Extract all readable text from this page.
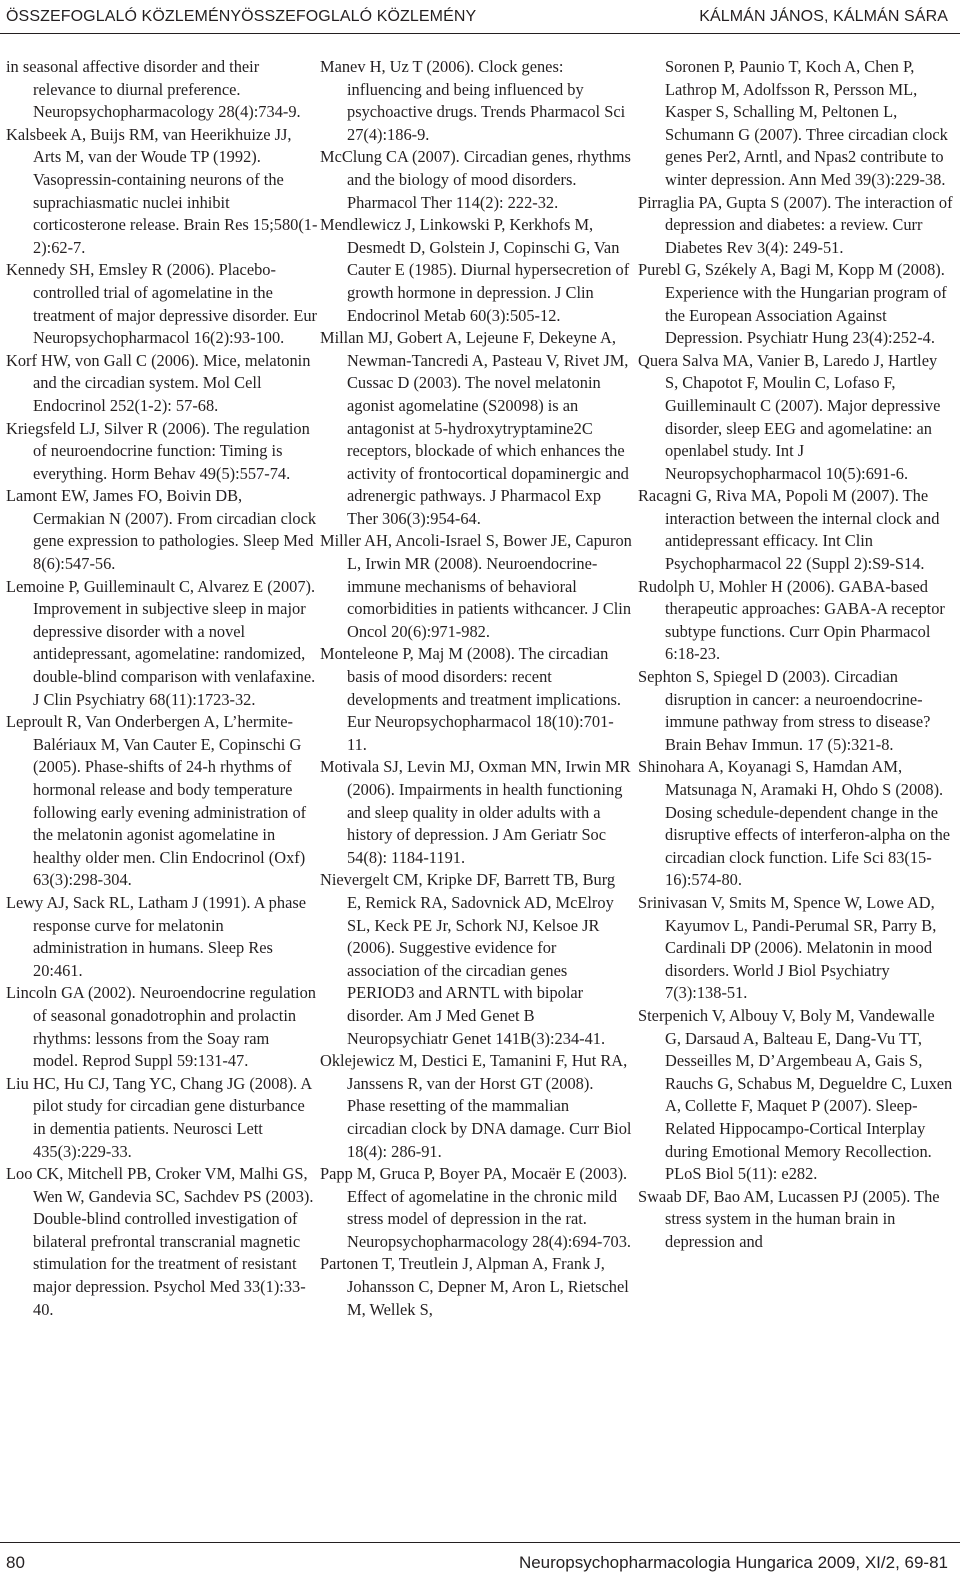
ÖSSZEFOGLALÓ KÖZLEMÉNYÖSSZEFOGLALÓ KÖZLEMÉNY	KÁLMÁN JÁNOS, KÁLMÁN SÁRA

in seasonal affective disorder and their relevance to diurnal preference. Neuropsychopharmacology 28(4):734-9.

Kalsbeek A, Buijs RM, van Heerikhuize JJ, Arts M, van der Woude TP (1992). Vasopressin-containing neurons of the suprachiasmatic nuclei inhibit corticosterone release. Brain Res 15;580(1-2):62-7.

Kennedy SH, Emsley R (2006). Placebo-controlled trial of agomelatine in the treatment of major depressive disorder. Eur Neuropsychopharmacol 16(2):93-100.

Korf HW, von Gall C (2006). Mice, melatonin and the circadian system. Mol Cell Endocrinol 252(1-2): 57-68.

Kriegsfeld LJ, Silver R (2006). The regulation of neuroendocrine function: Timing is everything. Horm Behav 49(5):557-74.

Lamont EW, James FO, Boivin DB, Cermakian N (2007). From circadian clock gene expression to pathologies. Sleep Med 8(6):547-56.

Lemoine P, Guilleminault C, Alvarez E (2007). Improvement in subjective sleep in major depressive disorder with a novel antidepressant, agomelatine: randomized, double-blind comparison with venlafaxine. J Clin Psychiatry 68(11):1723-32.

Leproult R, Van Onderbergen A, L’hermite-Balériaux M, Van Cauter E, Copinschi G (2005). Phase-shifts of 24-h rhythms of hormonal release and body temperature following early evening administration of the melatonin agonist agomelatine in healthy older men. Clin Endocrinol (Oxf) 63(3):298-304.

Lewy AJ, Sack RL, Latham J (1991). A phase response curve for melatonin administration in humans. Sleep Res 20:461.

Lincoln GA (2002). Neuroendocrine regulation of seasonal gonadotrophin and prolactin rhythms: lessons from the Soay ram model. Reprod Suppl 59:131-47.

Liu HC, Hu CJ, Tang YC, Chang JG (2008). A pilot study for circadian gene disturbance in dementia patients. Neurosci Lett 435(3):229-33.

Loo CK, Mitchell PB, Croker VM, Malhi GS, Wen W, Gandevia SC, Sachdev PS (2003). Double-blind controlled investigation of bilateral prefrontal transcranial magnetic stimulation for the treatment of resistant major depression. Psychol Med 33(1):33-40.

Manev H, Uz T (2006). Clock genes: influencing and being influenced by psychoactive drugs. Trends Pharmacol Sci 27(4):186-9.

McClung CA (2007). Circadian genes, rhythms and the biology of mood disorders. Pharmacol Ther 114(2): 222-32.

Mendlewicz J, Linkowski P, Kerkhofs M, Desmedt D, Golstein J, Copinschi G, Van Cauter E (1985). Diurnal hypersecretion of growth hormone in depression. J Clin Endocrinol Metab 60(3):505-12.

Millan MJ, Gobert A, Lejeune F, Dekeyne A, Newman-Tancredi A, Pasteau V, Rivet JM, Cussac D (2003). The novel melatonin agonist agomelatine (S20098) is an antagonist at 5-hydroxytryptamine2C receptors, blockade of which enhances the activity of frontocortical dopaminergic and adrenergic pathways. J Pharmacol Exp Ther 306(3):954-64.

Miller AH, Ancoli-Israel S, Bower JE, Capuron L, Irwin MR (2008). Neuroendocrine-immune mechanisms of behavioral comorbidities in patients withcancer. J Clin Oncol 20(6):971-982.

Monteleone P, Maj M (2008). The circadian basis of mood disorders: recent developments and treatment implications. Eur Neuropsychopharmacol 18(10):701-11.

Motivala SJ, Levin MJ, Oxman MN, Irwin MR (2006). Impairments in health functioning and sleep quality in older adults with a history of depression. J Am Geriatr Soc 54(8): 1184-1191.

Nievergelt CM, Kripke DF, Barrett TB, Burg E, Remick RA, Sadovnick AD, McElroy SL, Keck PE Jr, Schork NJ, Kelsoe JR (2006). Suggestive evidence for association of the circadian genes PERIOD3 and ARNTL with bipolar disorder. Am J Med Genet B Neuropsychiatr Genet 141B(3):234-41.

Oklejewicz M, Destici E, Tamanini F, Hut RA, Janssens R, van der Horst GT (2008). Phase resetting of the mammalian circadian clock by DNA damage. Curr Biol 18(4): 286-91.

Papp M, Gruca P, Boyer PA, Mocaër E (2003). Effect of agomelatine in the chronic mild stress model of depression in the rat. Neuropsychopharmacology 28(4):694-703.

Partonen T, Treutlein J, Alpman A, Frank J, Johansson C, Depner M, Aron L, Rietschel M, Wellek S,

Soronen P, Paunio T, Koch A, Chen P, Lathrop M, Adolfsson R, Persson ML, Kasper S, Schalling M, Peltonen L, Schumann G (2007). Three circadian clock genes Per2, Arntl, and Npas2 contribute to winter depression. Ann Med 39(3):229-38.

Pirraglia PA, Gupta S (2007). The interaction of depression and diabetes: a review. Curr Diabetes Rev 3(4): 249-51.

Purebl G, Székely A, Bagi M, Kopp M (2008). Experience with the Hungarian program of the European Association Against Depression. Psychiatr Hung 23(4):252-4.

Quera Salva MA, Vanier B, Laredo J, Hartley S, Chapotot F, Moulin C, Lofaso F, Guilleminault C (2007). Major depressive disorder, sleep EEG and agomelatine: an openlabel study. Int J Neuropsychopharmacol 10(5):691-6.

Racagni G, Riva MA, Popoli M (2007). The interaction between the internal clock and antidepressant efficacy. Int Clin Psychopharmacol 22 (Suppl 2):S9-S14.

Rudolph U, Mohler H (2006). GABA-based therapeutic approaches: GABA-A receptor subtype functions. Curr Opin Pharmacol 6:18-23.

Sephton S, Spiegel D (2003). Circadian disruption in cancer: a neuroendocrine-immune pathway from stress to disease? Brain Behav Immun. 17 (5):321-8.

Shinohara A, Koyanagi S, Hamdan AM, Matsunaga N, Aramaki H, Ohdo S (2008). Dosing schedule-dependent change in the disruptive effects of interferon-alpha on the circadian clock function. Life Sci 83(15-16):574-80.

Srinivasan V, Smits M, Spence W, Lowe AD, Kayumov L, Pandi-Perumal SR, Parry B, Cardinali DP (2006). Melatonin in mood disorders. World J Biol Psychiatry 7(3):138-51.

Sterpenich V, Albouy V, Boly M, Vandewalle G, Darsaud A, Balteau E, Dang-Vu TT, Desseilles M, D’Argembeau A, Gais S, Rauchs G, Schabus M, Degueldre C, Luxen A, Collette F, Maquet P (2007). Sleep-Related Hippocampo-Cortical Interplay during Emotional Memory Recollection. PLoS Biol 5(11): e282.

Swaab DF, Bao AM, Lucassen PJ (2005). The stress system in the human brain in depression and

80	Neuropsychopharmacologia Hungarica 2009, XI/2, 69-81
